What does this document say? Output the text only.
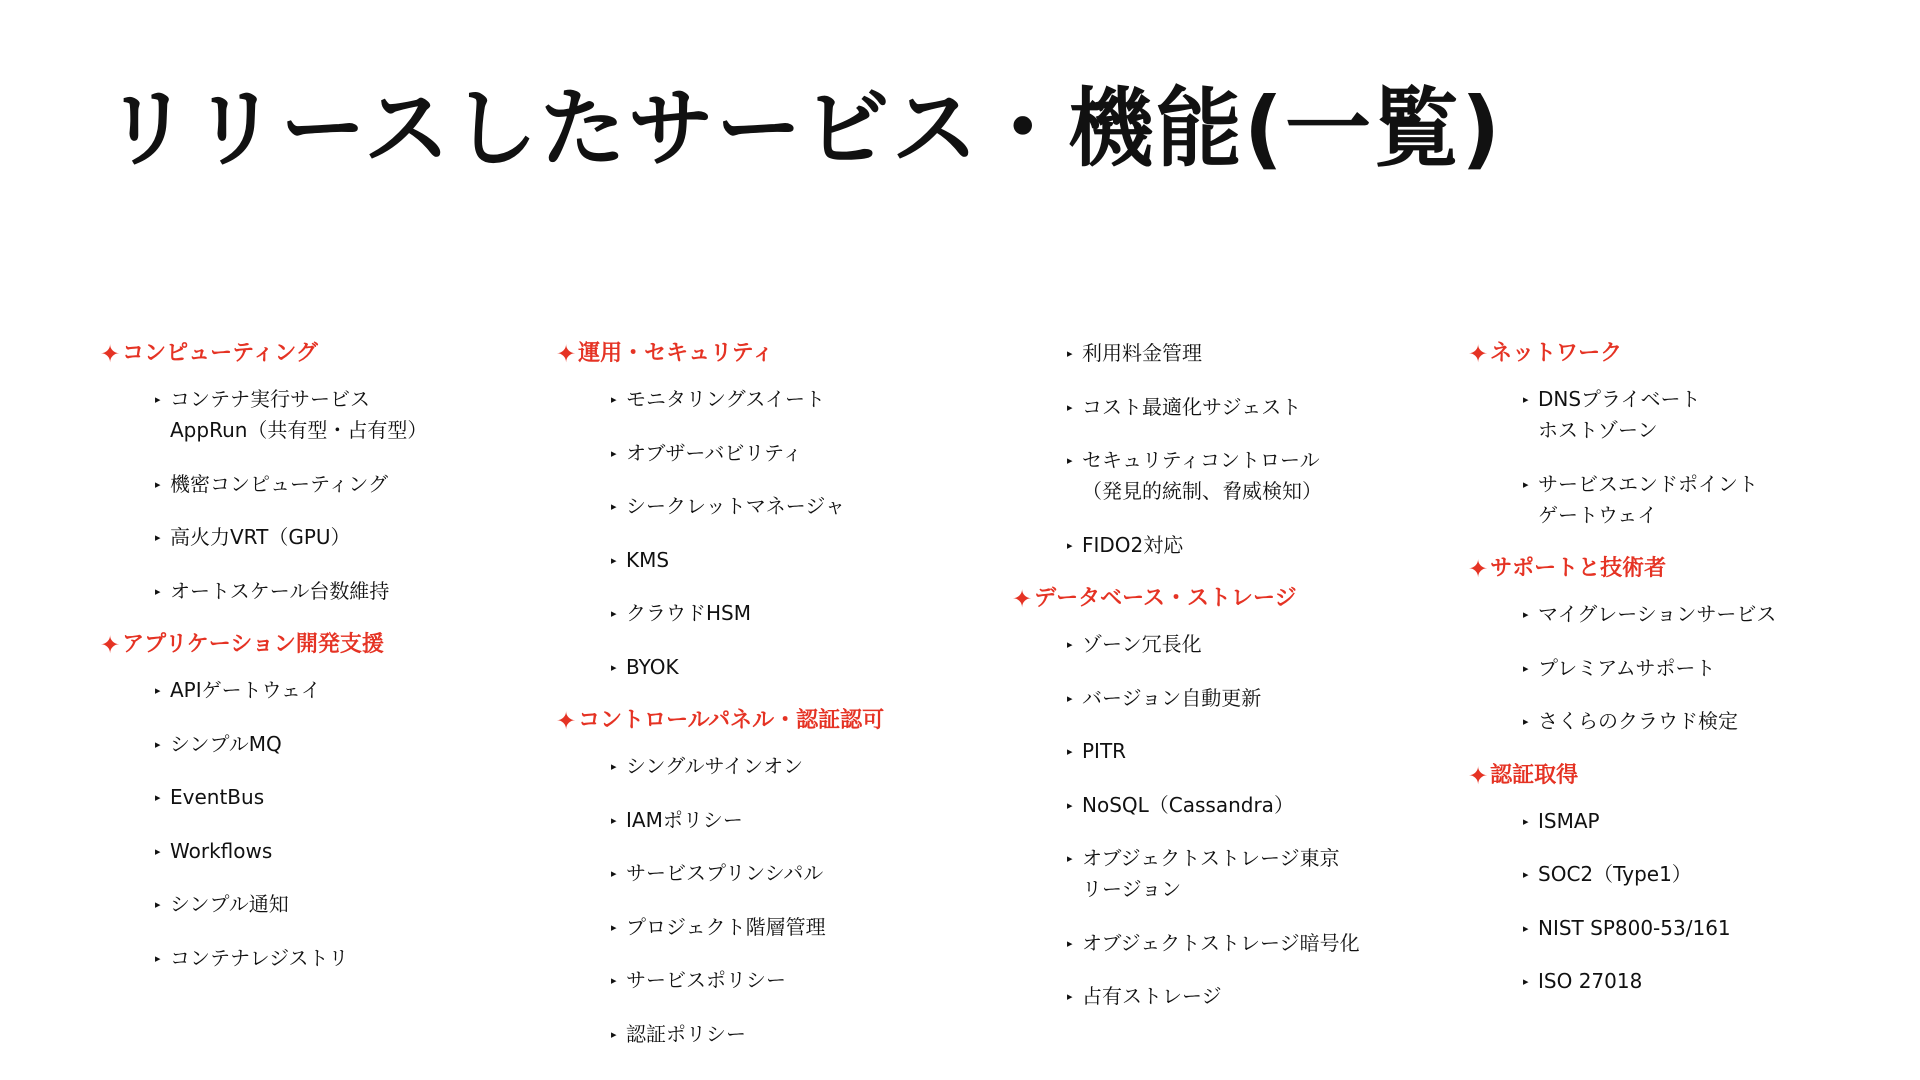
リリースしたサービス・機能(一覧)
✦ コンピューティング
▸ コンテナ実行サービス
AppRun（共有型・占有型）
▸ 機密コンピューティング
▸ 高火力VRT（GPU）
▸ オートスケール台数維持
✦ アプリケーション開発支援
▸ APIゲートウェイ
▸ シンプルMQ
▸ EventBus
▸ Workflows
▸ シンプル通知
▸ コンテナレジストリ
✦ 運用・セキュリティ
▸ モニタリングスイート
▸ オブザーバビリティ
▸ シークレットマネージャ
▸ KMS
▸ クラウドHSM
▸ BYOK
✦ コントロールパネル・認証認可
▸ シングルサインオン
▸ IAMポリシー
▸ サービスプリンシパル
▸ プロジェクト階層管理
▸ サービスポリシー
▸ 認証ポリシー
▸ 利用料金管理
▸ コスト最適化サジェスト
▸ セキュリティコントロール
（発見的統制、脅威検知）
▸ FIDO2対応
✦ データベース・ストレージ
▸ ゾーン冗長化
▸ バージョン自動更新
▸ PITR
▸ NoSQL（Cassandra）
▸ オブジェクトストレージ東京
リージョン
▸ オブジェクトストレージ暗号化
▸ 占有ストレージ
✦ ネットワーク
▸ DNSプライベート
ホストゾーン
▸ サービスエンドポイント
ゲートウェイ
✦ サポートと技術者
▸ マイグレーションサービス
▸ プレミアムサポート
▸ さくらのクラウド検定
✦ 認証取得
▸ ISMAP
▸ SOC2（Type1）
▸ NIST SP800-53/161
▸ ISO 27018
